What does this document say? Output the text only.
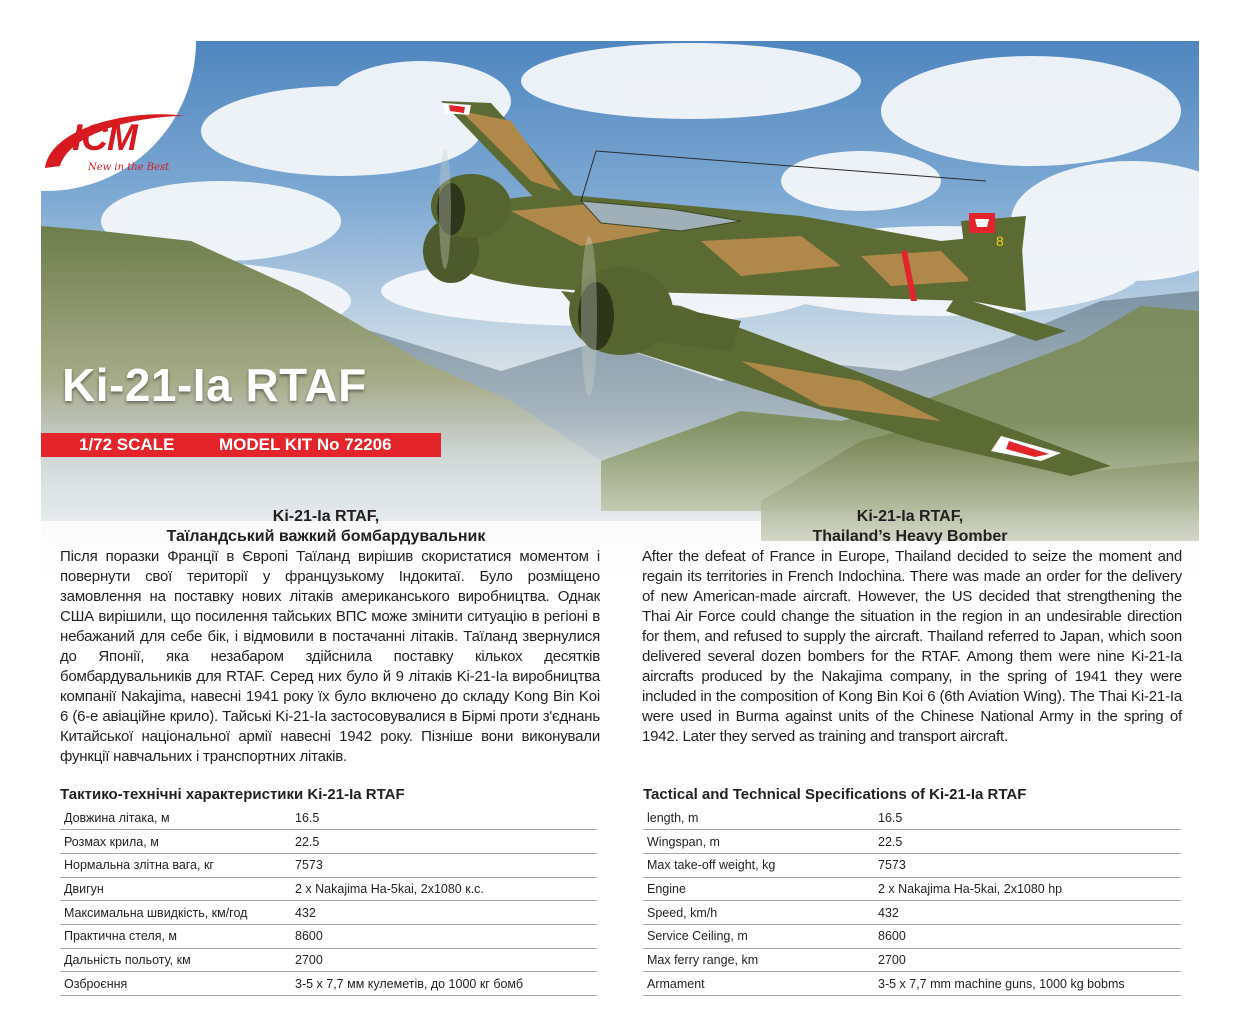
8
ICM
New in the Best
Ki-21-Ia RTAF
1/72 SCALE	MODEL KIT No 72206
Ki-21-Ia RTAF,
Таїландський важкий бомбардувальник
Після поразки Франції в Європі Таїланд вирішив скористатися моментом і повернути свої території у французькому Індокитаї. Було розміщено замовлення на поставку нових літаків американського виробництва. Однак США вирішили, що посилення тайських ВПС може змінити ситуацію в регіоні в небажаний для себе бік, і відмовили в постачанні літаків. Таїланд звернулися до Японії, яка незабаром здійснила поставку кількох десятків бомбардувальників для RTAF. Серед них було й 9 літаків Ki-21-Ia виробництва компанії Nakajima, навесні 1941 року їх було включено до складу Kong Bin Koi 6 (6-е авіаційне крило). Тайські Ki-21-Ia застосовувалися в Бірмі проти з'єднань Китайської національної армії навесні 1942 року. Пізніше вони виконували функції навчальних і транспортних літаків.
Тактико-технічні характеристики Ki-21-Ia RTAF
Довжина літака, м	16.5
Розмах крила, м	22.5
Нормальна злітна вага, кг	7573
Двигун	2 x Nakajima Ha-5kai, 2х1080 к.с.
Максимальна швидкість, км/год	432
Практична стеля, м	8600
Дальність польоту, км	2700
Озброєння	3-5 x 7,7 мм кулеметів, до 1000 кг бомб
Ki-21-Ia RTAF,
Thailand’s Heavy Bomber
After the defeat of France in Europe, Thailand decided to seize the moment and regain its territories in French Indochina. There was made an order for the delivery of new American-made aircraft. However, the US decided that strengthening the Thai Air Force could change the situation in the region in an undesirable direction for them, and refused to supply the aircraft. Thailand referred to Japan, which soon delivered several dozen bombers for the RTAF. Among them were nine Ki-21-Ia aircrafts produced by the Nakajima company, in the spring of 1941 they were included in the composition of Kong Bin Koi 6 (6th Aviation Wing). The Thai Ki-21-Ia were used in Burma against units of the Chinese National Army in the spring of 1942. Later they served as training and transport aircraft.
Tactical and Technical Specifications of Ki-21-Ia RTAF
length, m	16.5
Wingspan, m	22.5
Max take-off weight, kg	7573
Engine	2 x Nakajima Ha-5kai, 2х1080 hp
Speed, km/h	432
Service Ceiling, m	8600
Max ferry range, km	2700
Armament	3-5 x 7,7 mm machine guns, 1000 kg bobms
